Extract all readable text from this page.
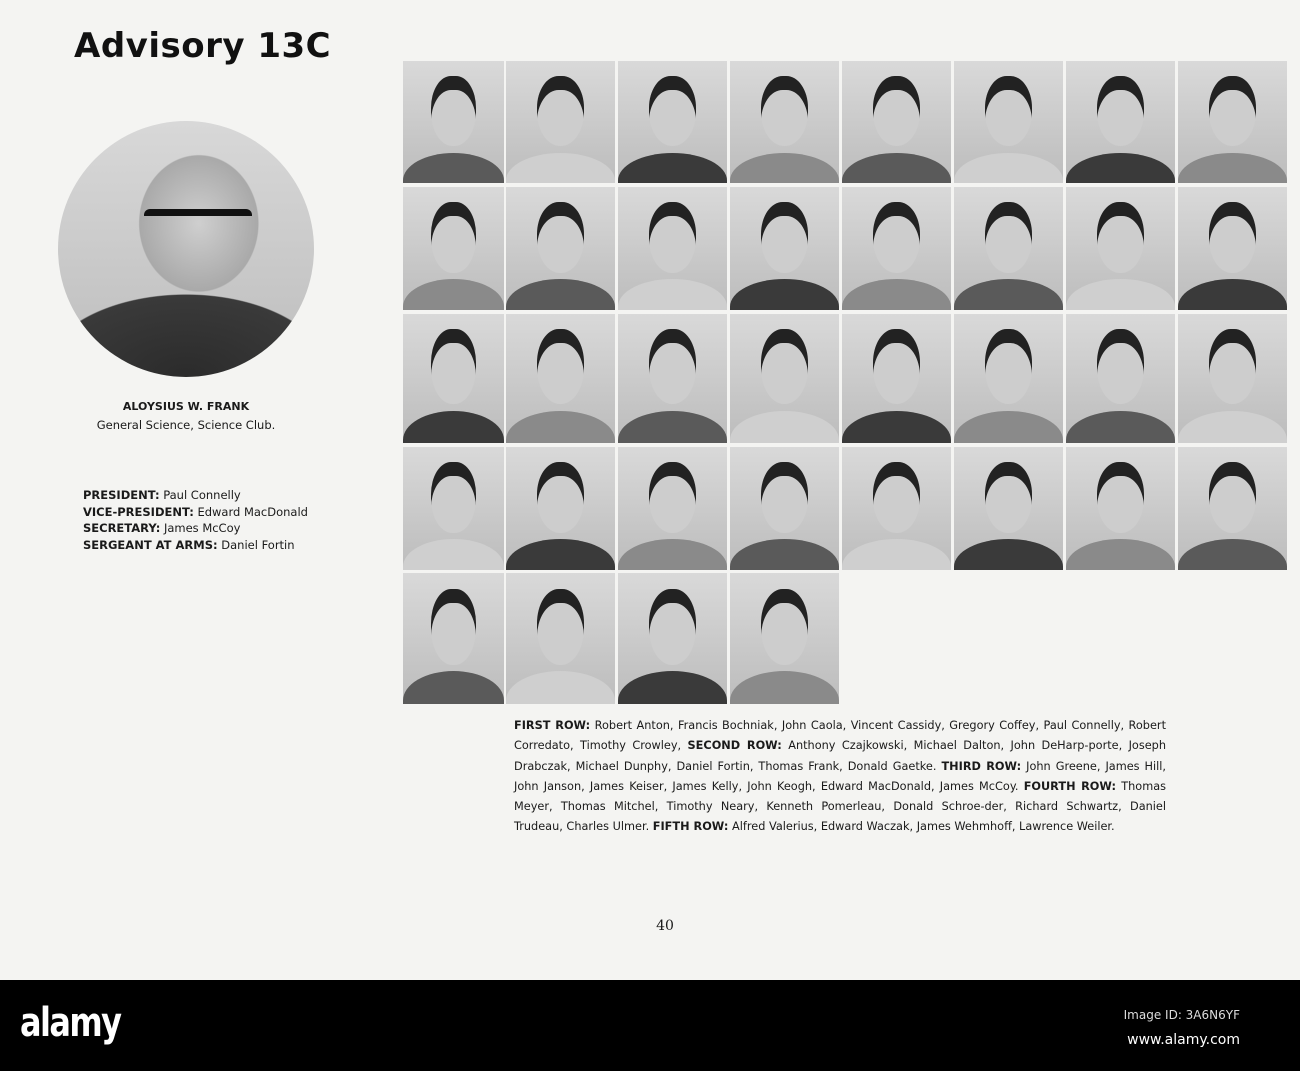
Advisory 13C
ALOYSIUS W. FRANK
General Science, Science Club.
PRESIDENT: Paul Connelly
VICE-PRESIDENT: Edward MacDonald
SECRETARY: James McCoy
SERGEANT AT ARMS: Daniel Fortin
FIRST ROW: Robert Anton, Francis Bochniak, John Caola, Vincent Cassidy, Gregory Coffey, Paul Connelly, Robert Corredato, Timothy Crowley, SECOND ROW: Anthony Czajkowski, Michael Dalton, John DeHarp-porte, Joseph Drabczak, Michael Dunphy, Daniel Fortin, Thomas Frank, Donald Gaetke. THIRD ROW: John Greene, James Hill, John Janson, James Keiser, James Kelly, John Keogh, Edward MacDonald, James McCoy. FOURTH ROW: Thomas Meyer, Thomas Mitchel, Timothy Neary, Kenneth Pomerleau, Donald Schroe-der, Richard Schwartz, Daniel Trudeau, Charles Ulmer. FIFTH ROW: Alfred Valerius, Edward Waczak, James Wehmhoff, Lawrence Weiler.
40
alamy	Image ID: 3A6N6YF
www.alamy.com
